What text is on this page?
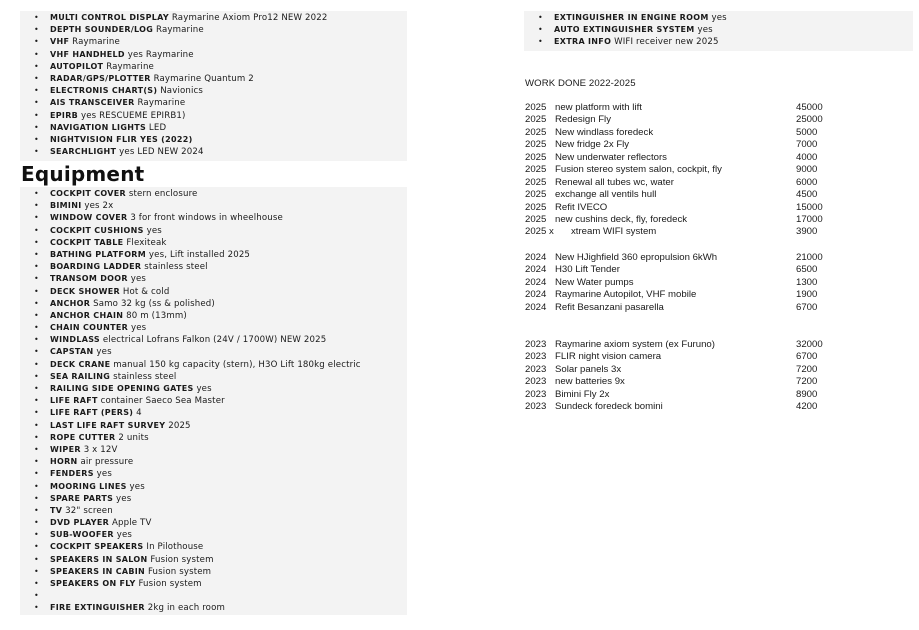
• MULTI CONTROL DISPLAY Raymarine Axiom Pro12 NEW 2022
• DEPTH SOUNDER/LOG Raymarine
• VHF Raymarine
• VHF HANDHELD yes Raymarine
• AUTOPILOT Raymarine
• RADAR/GPS/PLOTTER Raymarine Quantum 2
• ELECTRONIS CHART(S) Navionics
• AIS TRANSCEIVER Raymarine
• EPIRB yes RESCUEME EPIRB1)
• NAVIGATION LIGHTS LED
• NIGHTVISION FLIR YES (2022)
• SEARCHLIGHT yes LED NEW 2024
Equipment
• COCKPIT COVER stern enclosure
• BIMINI yes 2x
• WINDOW COVER 3 for front windows in wheelhouse
• COCKPIT CUSHIONS yes
• COCKPIT TABLE Flexiteak
• BATHING PLATFORM yes, Lift installed 2025
• BOARDING LADDER stainless steel
• TRANSOM DOOR yes
• DECK SHOWER Hot & cold
• ANCHOR Samo 32 kg (ss & polished)
• ANCHOR CHAIN 80 m (13mm)
• CHAIN COUNTER yes
• WINDLASS electrical Lofrans Falkon (24V / 1700W) NEW 2025
• CAPSTAN yes
• DECK CRANE manual 150 kg capacity (stern), H3O Lift 180kg electric
• SEA RAILING stainless steel
• RAILING SIDE OPENING GATES yes
• LIFE RAFT container Saeco Sea Master
• LIFE RAFT (PERS) 4
• LAST LIFE RAFT SURVEY 2025
• ROPE CUTTER 2 units
• WIPER 3 x 12V
• HORN air pressure
• FENDERS yes
• MOORING LINES yes
• SPARE PARTS yes
• TV 32" screen
• DVD PLAYER Apple TV
• SUB-WOOFER yes
• COCKPIT SPEAKERS In Pilothouse
• SPEAKERS IN SALON Fusion system
• SPEAKERS IN CABIN Fusion system
• SPEAKERS ON FLY Fusion system
•
• FIRE EXTINGUISHER 2kg in each room
• EXTINGUISHER IN ENGINE ROOM yes
• AUTO EXTINGUISHER SYSTEM yes
• EXTRA INFO WIFI receiver new 2025
WORK DONE 2022-2025
2025 new platform with lift	45000
2025 Redesign Fly	25000
2025 New windlass foredeck	5000
2025 New fridge 2x Fly	7000
2025 New underwater reflectors	4000
2025 Fusion stereo system salon, cockpit, fly	9000
2025 Renewal all tubes wc, water	6000
2025 exchange all ventils hull	4500
2025 Refit IVECO	15000
2025 new cushins deck, fly, foredeck	17000
2025 x xtream WIFI system	3900
2024 New HJighfield 360 epropulsion 6kWh	21000
2024 H30 Lift Tender	6500
2024 New Water pumps	1300
2024 Raymarine Autopilot, VHF mobile	1900
2024 Refit Besanzani pasarella	6700
2023 Raymarine axiom system (ex Furuno)	32000
2023 FLIR night vision camera	6700
2023 Solar panels 3x	7200
2023 new batteries 9x	7200
2023 Bimini Fly 2x	8900
2023 Sundeck foredeck bomini	4200
